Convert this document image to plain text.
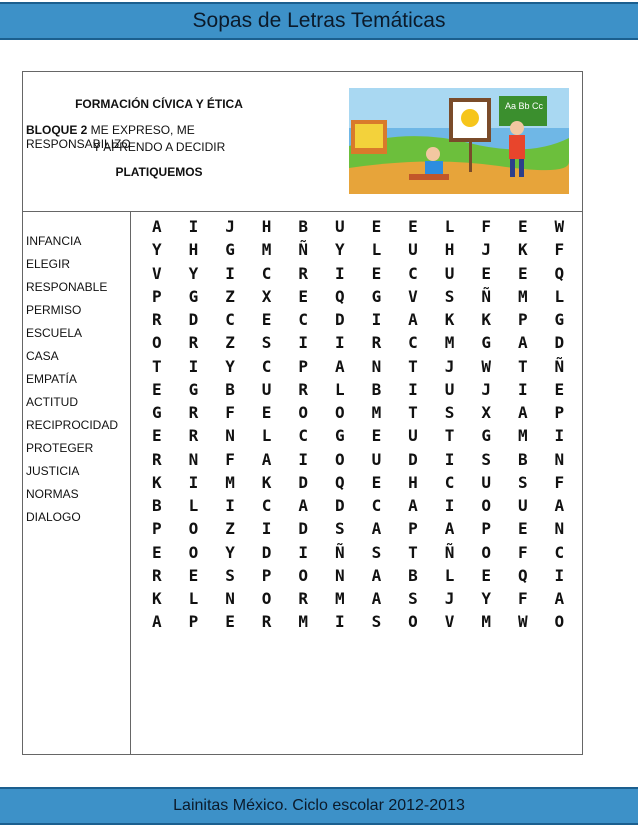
Sopas de Letras Temáticas
FORMACIÓN CÍVICA Y ÉTICA
BLOQUE 2 ME EXPRESO, ME RESPONSABILIZO
Y APRENDO A DECIDIR
PLATIQUEMOS
Aa Bb Cc
INFANCIA
ELEGIR
RESPONABLE
PERMISO
ESCUELA
CASA
EMPATÍA
ACTITUD
RECIPROCIDAD
PROTEGER
JUSTICIA
NORMAS
DIALOGO
A	I	J	H	B	U	E	E	L	F	E	W
Y	H	G	M	Ñ	Y	L	U	H	J	K	F
V	Y	I	C	R	I	E	C	U	E	E	Q
P	G	Z	X	E	Q	G	V	S	Ñ	M	L
R	D	C	E	C	D	I	A	K	K	P	G
O	R	Z	S	I	I	R	C	M	G	A	D
T	I	Y	C	P	A	N	T	J	W	T	Ñ
E	G	B	U	R	L	B	I	U	J	I	E
G	R	F	E	O	O	M	T	S	X	A	P
E	R	N	L	C	G	E	U	T	G	M	I
R	N	F	A	I	O	U	D	I	S	B	N
K	I	M	K	D	Q	E	H	C	U	S	F
B	L	I	C	A	D	C	A	I	O	U	A
P	O	Z	I	D	S	A	P	A	P	E	N
E	O	Y	D	I	Ñ	S	T	Ñ	O	F	C
R	E	S	P	O	N	A	B	L	E	Q	I
K	L	N	O	R	M	A	S	J	Y	F	A
A	P	E	R	M	I	S	O	V	M	W	O
Lainitas México. Ciclo escolar 2012-2013
